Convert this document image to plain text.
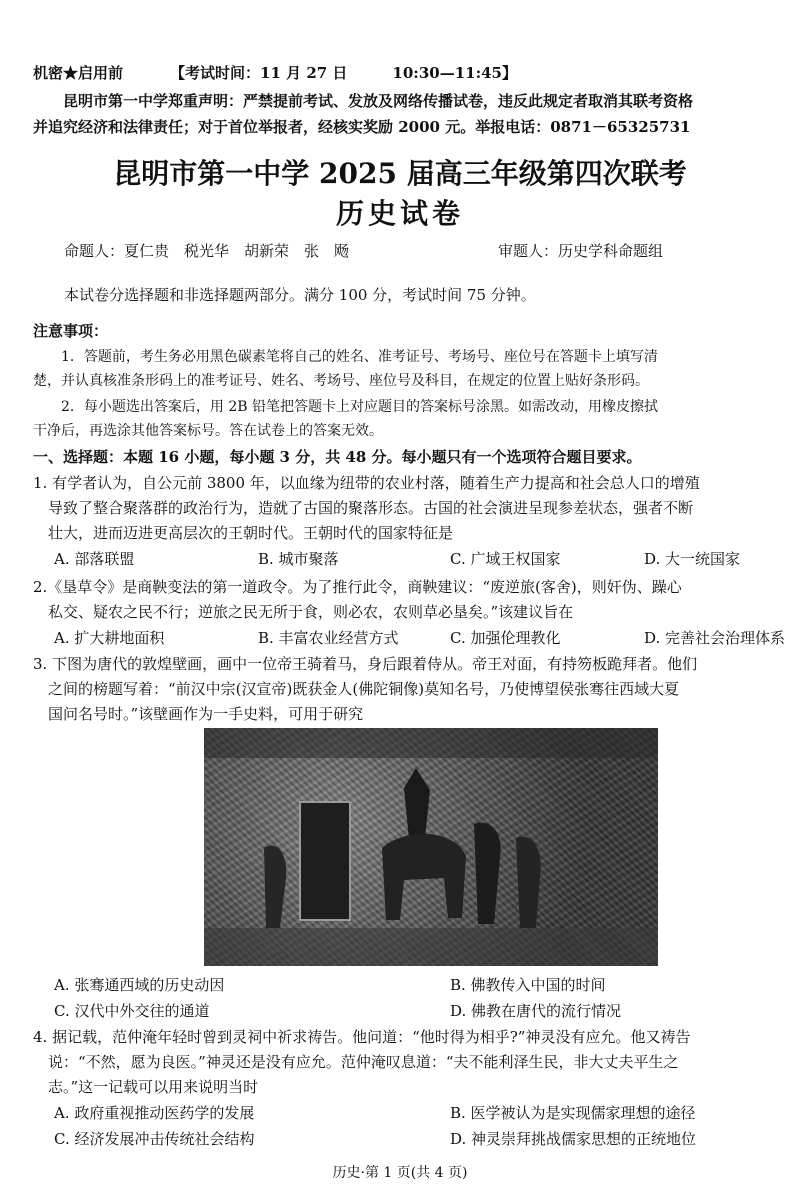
机密★启用前	【考试时间：11 月 27 日　　　10:30—11:45】
　　昆明市第一中学郑重声明：严禁提前考试、发放及网络传播试卷，违反此规定者取消其联考资格
并追究经济和法律责任；对于首位举报者，经核实奖励 2000 元。举报电话：0871－65325731
昆明市第一中学 2025 届高三年级第四次联考
历史试卷
命题人：夏仁贵　税光华　胡新荣　张　飏	审题人：历史学科命题组
本试卷分选择题和非选择题两部分。满分 100 分，考试时间 75 分钟。
注意事项：
　　1．答题前，考生务必用黑色碳素笔将自己的姓名、准考证号、考场号、座位号在答题卡上填写清
楚，并认真核准条形码上的准考证号、姓名、考场号、座位号及科目，在规定的位置上贴好条形码。
　　2．每小题选出答案后，用 2B 铅笔把答题卡上对应题目的答案标号涂黑。如需改动，用橡皮擦拭
干净后，再选涂其他答案标号。答在试卷上的答案无效。
一、选择题：本题 16 小题，每小题 3 分，共 48 分。每小题只有一个选项符合题目要求。
1. 有学者认为，自公元前 3800 年，以血缘为纽带的农业村落，随着生产力提高和社会总人口的增殖
　导致了整合聚落群的政治行为，造就了古国的聚落形态。古国的社会演进呈现参差状态，强者不断
　壮大，进而迈进更高层次的王朝时代。王朝时代的国家特征是
A. 部落联盟	B. 城市聚落	C. 广域王权国家	D. 大一统国家
2.《垦草令》是商鞅变法的第一道政令。为了推行此令，商鞅建议：“废逆旅(客舍)，则奸伪、躁心
　私交、疑农之民不行；逆旅之民无所于食，则必农，农则草必垦矣。”该建议旨在
A. 扩大耕地面积	B. 丰富农业经营方式	C. 加强伦理教化	D. 完善社会治理体系
3. 下图为唐代的敦煌壁画，画中一位帝王骑着马，身后跟着侍从。帝王对面，有持笏板跪拜者。他们
　之间的榜题写着：“前汉中宗(汉宣帝)既获金人(佛陀铜像)莫知名号，乃使博望侯张骞往西域大夏
　国问名号时。”该壁画作为一手史料，可用于研究
A. 张骞通西域的历史动因	B. 佛教传入中国的时间
C. 汉代中外交往的通道	D. 佛教在唐代的流行情况
4. 据记载，范仲淹年轻时曾到灵祠中祈求祷告。他问道：“他时得为相乎?”神灵没有应允。他又祷告
　说：“不然，愿为良医。”神灵还是没有应允。范仲淹叹息道：“夫不能利泽生民，非大丈夫平生之
　志。”这一记载可以用来说明当时
A. 政府重视推动医药学的发展	B. 医学被认为是实现儒家理想的途径
C. 经济发展冲击传统社会结构	D. 神灵崇拜挑战儒家思想的正统地位
历史·第 1 页(共 4 页)
